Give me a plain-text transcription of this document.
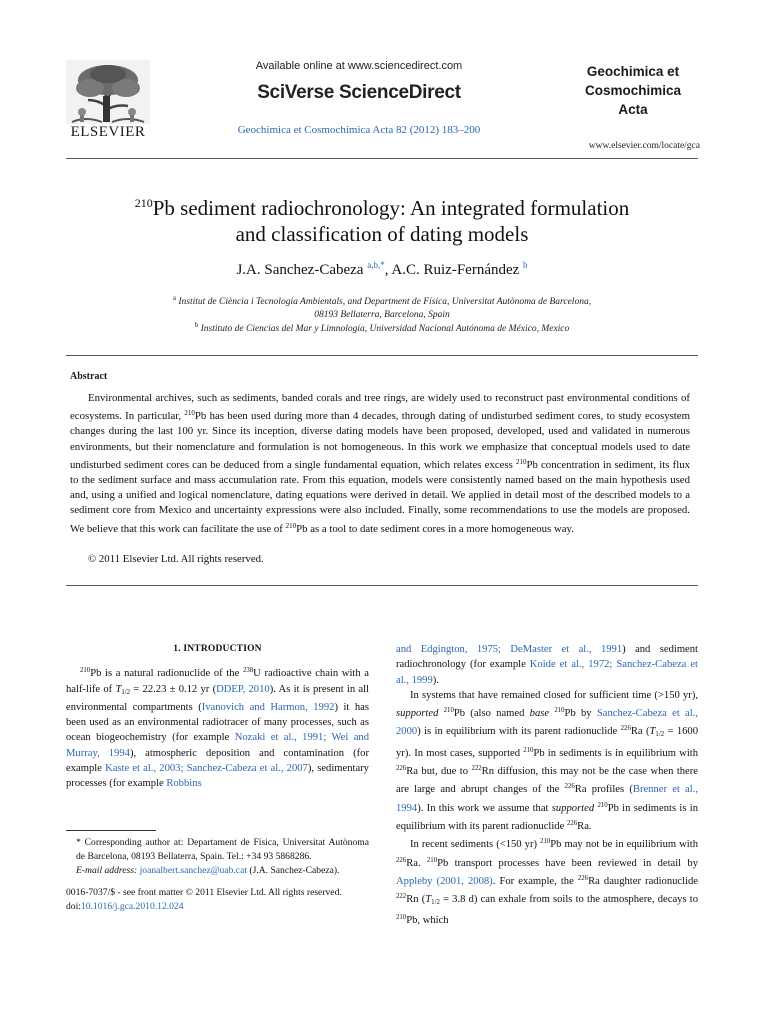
ELSEVIER
Available online at www.sciencedirect.com
SciVerse ScienceDirect
Geochimica et Cosmochimica Acta 82 (2012) 183–200
Geochimica et
Cosmochimica
Acta
www.elsevier.com/locate/gca
$^{210}$Pb sediment radiochronology: An integrated formulation
and classification of dating models
J.A. Sanchez-Cabeza $^{a,b,*}$, A.C. Ruiz-Fernández $^b$
$^a$ Institut de Ciència i Tecnologia Ambientals, and Department de Física, Universitat Autònoma de Barcelona,
08193 Bellaterra, Barcelona, Spain
$^b$ Instituto de Ciencias del Mar y Limnología, Universidad Nacional Autónoma de México, Mexico
Abstract

Environmental archives, such as sediments, banded corals and tree rings, are widely used to reconstruct past environmental conditions of ecosystems. In particular, $^{210}$Pb has been used during more than 4 decades, through dating of undisturbed sediment cores, to study ecosystem changes during the last 100 yr. Since its inception, diverse dating models have been proposed, developed, used and validated in numerous environments, but their nomenclature and formulation is not homogeneous. In this work we emphasize that conceptual models used to date undisturbed sediment cores can be deduced from a single fundamental equation, which relates excess $^{210}$Pb concentration in sediment, its flux to the sediment surface and mass accumulation rate. From this equation, models were consistently named based on the main hypothesis used and, using a unified and logical nomenclature, dating equations were derived in detail. We applied in detail most of the described models to a sediment core from Mexico and uncertainty expressions were also included. Finally, some recommendations to use the models are proposed. We believe that this work can facilitate the use of $^{210}$Pb as a tool to date sediment cores in a more homogeneous way.

© 2011 Elsevier Ltd. All rights reserved.
1. INTRODUCTION

$^{210}$Pb is a natural radionuclide of the $^{238}$U radioactive chain with a half-life of $T_{1/2} = 22.23 \pm 0.12$ yr (DDEP, 2010). As it is present in all environmental compartments (Ivanovich and Harmon, 1992) it has been used as an environmental radiotracer of many processes, such as ocean biogeochemistry (for example Nozaki et al., 1991; Wei and Murray, 1994), atmospheric deposition and contamination (for example Kaste et al., 2003; Sanchez-Cabeza et al., 2007), sedimentary processes (for example Robbins

* Corresponding author at: Departament de Física, Universitat Autònoma de Barcelona, 08193 Bellaterra, Spain. Tel.: +34 93 5868286.
E-mail address: joanalbert.sanchez@uab.cat (J.A. Sanchez-Cabeza).
0016-7037/$ - see front matter © 2011 Elsevier Ltd. All rights reserved.
doi:10.1016/j.gca.2010.12.024

and Edgington, 1975; DeMaster et al., 1991) and sediment radiochronology (for example Koide et al., 1972; Sanchez-Cabeza et al., 1999).

In systems that have remained closed for sufficient time (>150 yr), supported $^{210}$Pb (also named base $^{210}$Pb by Sanchez-Cabeza et al., 2000) is in equilibrium with its parent radionuclide $^{226}$Ra ($T_{1/2} = 1600$ yr). In most cases, supported $^{210}$Pb in sediments is in equilibrium with $^{226}$Ra but, due to $^{222}$Rn diffusion, this may not be the case when there are large and abrupt changes of the $^{226}$Ra profiles (Brenner et al., 1994). In this work we assume that supported $^{210}$Pb in sediments is in equilibrium with its parent radionuclide $^{226}$Ra.

In recent sediments (<150 yr) $^{210}$Pb may not be in equilibrium with $^{226}$Ra. $^{210}$Pb transport processes have been reviewed in detail by Appleby (2001, 2008). For example, the $^{226}$Ra daughter radionuclide $^{222}$Rn ($T_{1/2} = 3.8$ d) can exhale from soils to the atmosphere, decays to $^{210}$Pb, which
